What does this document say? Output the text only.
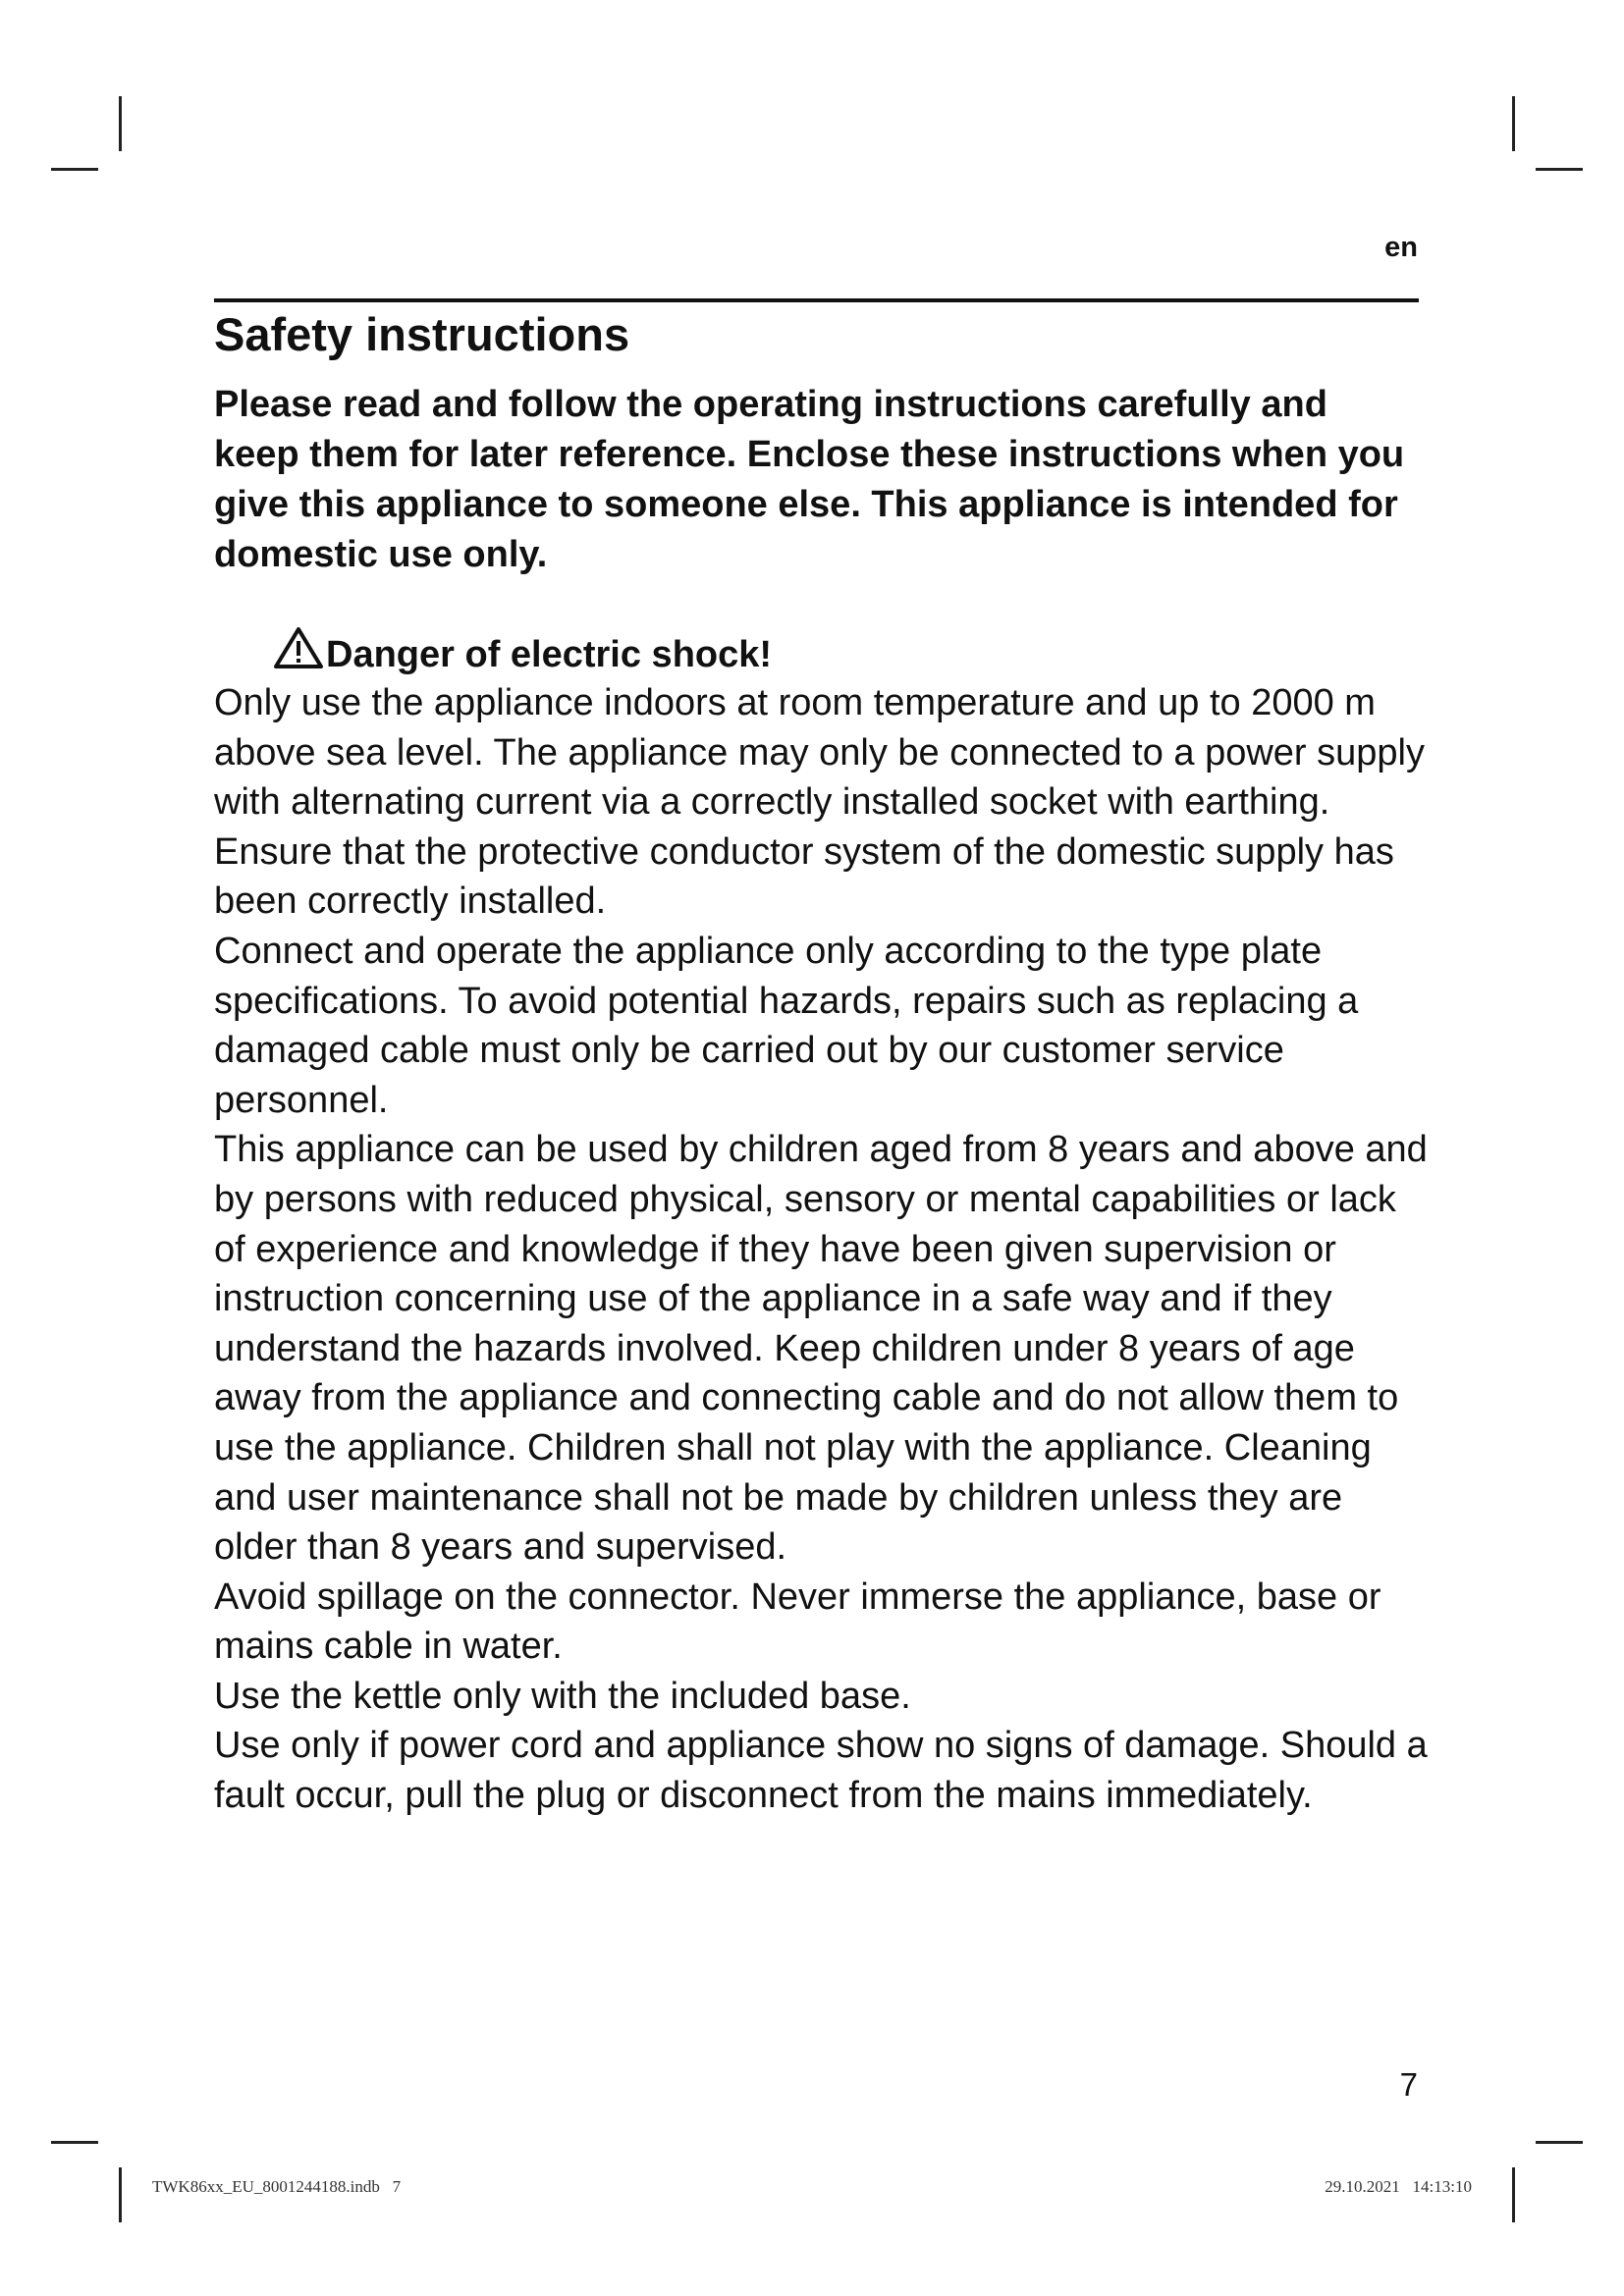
en
Safety instructions

Please read and follow the operating instructions carefully and keep them for later reference. Enclose these instructions when you give this appliance to someone else. This appliance is intended for domestic use only.

Danger of electric shock!

Only use the appliance indoors at room temperature and up to 2000 m above sea level. The appliance may only be connected to a power supply with alternating current via a correctly installed socket with earthing. Ensure that the protective conductor system of the domestic supply has been correctly installed.

Connect and operate the appliance only according to the type plate specifications. To avoid potential hazards, repairs such as replacing a damaged cable must only be carried out by our customer service personnel.

This appliance can be used by children aged from 8 years and above and by persons with reduced physical, sensory or mental capabilities or lack of experience and knowledge if they have been given supervision or instruction concerning use of the appliance in a safe way and if they understand the hazards involved. Keep children under 8 years of age away from the appliance and connecting cable and do not allow them to use the appliance. Children shall not play with the appliance. Cleaning and user maintenance shall not be made by children unless they are older than 8 years and supervised.

Avoid spillage on the connector. Never immerse the appliance, base or mains cable in water.

Use the kettle only with the included base.

Use only if power cord and appliance show no signs of damage. Should a fault occur, pull the plug or disconnect from the mains immediately.

7
TWK86xx_EU_8001244188.indb   7	29.10.2021   14:13:10
